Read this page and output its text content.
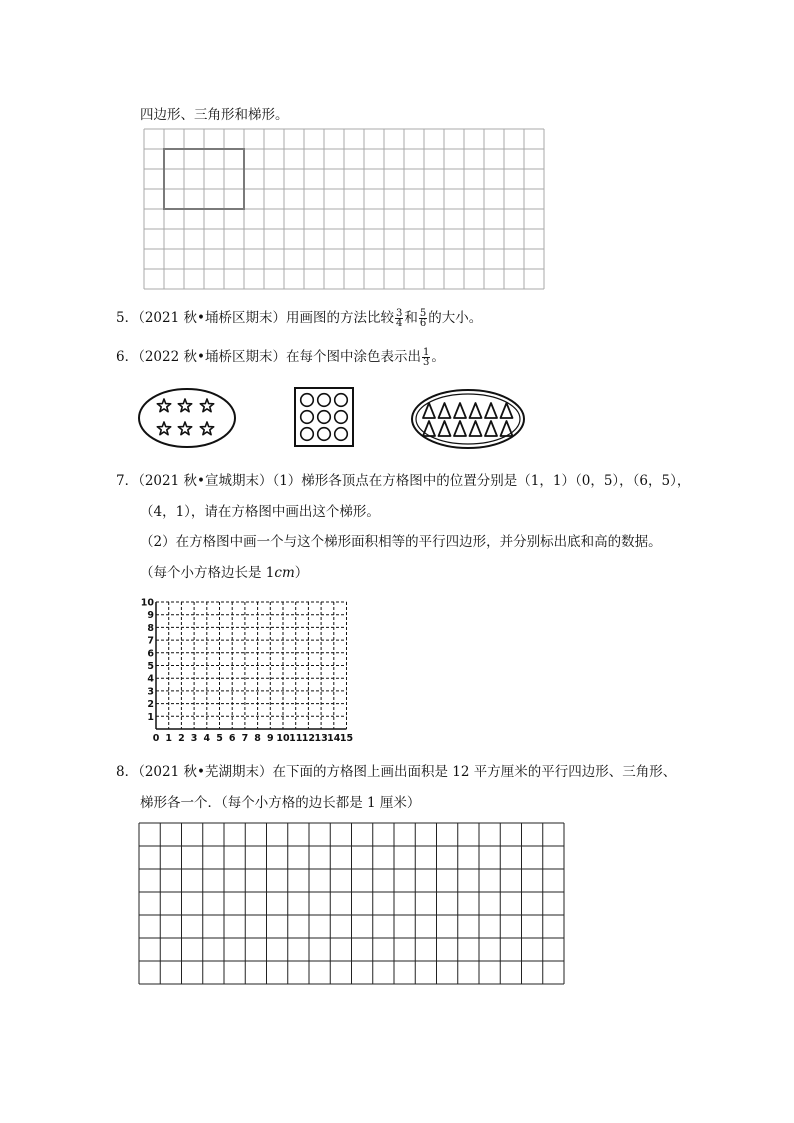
四边形、三角形和梯形。
5．（2021 秋•埇桥区期末）用画图的方法比较 $\frac{3}{4}$ 和 $\frac{5}{6}$ 的大小。
6．（2022 秋•埇桥区期末）在每个图中涂色表示出 $\frac{1}{3}$ 。
7．（2021 秋•宣城期末）（1）梯形各顶点在方格图中的位置分别是（1，1）（0，5），（6，5），
（4，1），请在方格图中画出这个梯形。
（2）在方格图中画一个与这个梯形面积相等的平行四边形，并分别标出底和高的数据。
（每个小方格边长是 1cm）
0 1 2 3 4 5 6 7 8 9 10 11 12 13 14 15
1
2
3
4
5
6
7
8
9
10
8．（2021 秋•芜湖期末）在下面的方格图上画出面积是 12 平方厘米的平行四边形、三角形、
梯形各一个．（每个小方格的边长都是 1 厘米）
